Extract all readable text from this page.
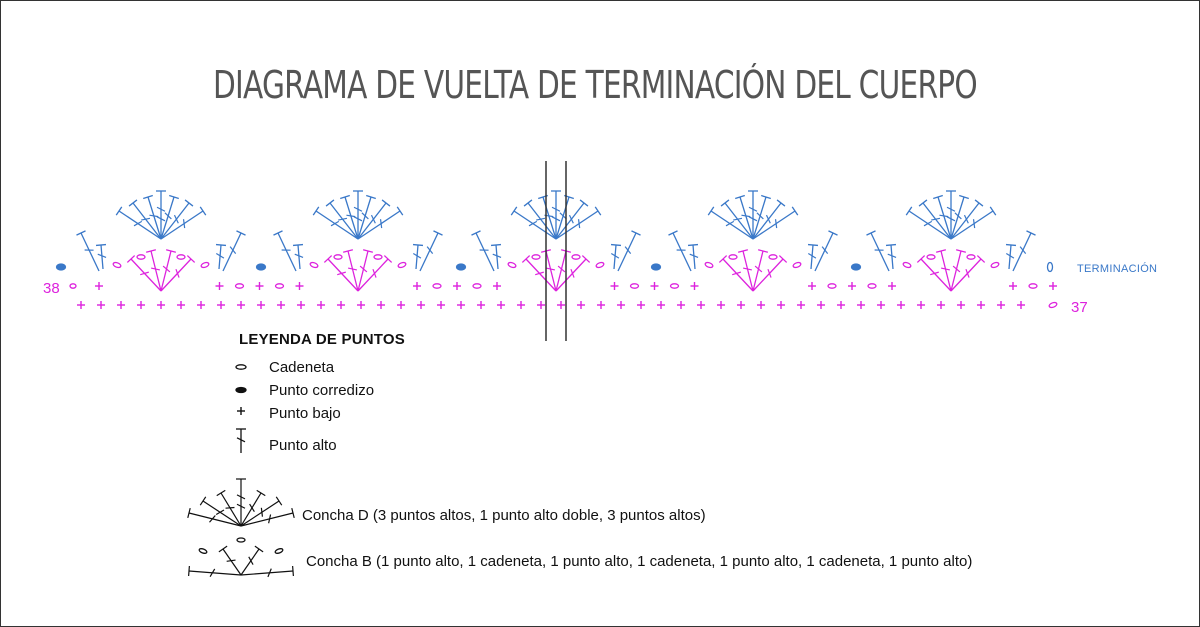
DIAGRAMA DE VUELTA DE TERMINACIÓN DEL CUERPO
38
37
TERMINACIÓN
LEYENDA DE PUNTOS
Cadeneta
Punto corredizo
Punto bajo
Punto alto
Concha D (3 puntos altos, 1 punto alto doble, 3 puntos altos)
Concha B (1 punto alto, 1 cadeneta, 1 punto alto, 1 cadeneta, 1 punto alto, 1 cadeneta, 1 punto alto)
